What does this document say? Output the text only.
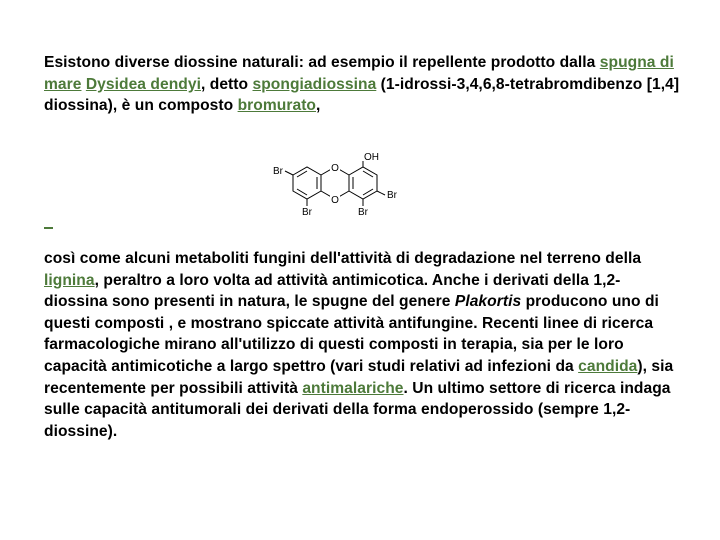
Esistono diverse diossine naturali: ad esempio il repellente prodotto dalla spugna di mare Dysidea dendyi, detto spongiadiossina (1-idrossi-3,4,6,8-tetrabromdibenzo [1,4] diossina), è un composto bromurato,

O
O
OH
Br
Br	Br
Br

così come alcuni metaboliti fungini dell'attività di degradazione nel terreno della lignina, peraltro a loro volta ad attività antimicotica. Anche i derivati della 1,2-diossina sono presenti in natura, le spugne del genere Plakortis producono uno di questi composti , e mostrano spiccate attività antifungine. Recenti linee di ricerca farmacologiche mirano all'utilizzo di questi composti in terapia, sia per le loro capacità antimicotiche a largo spettro (vari studi relativi ad infezioni da candida), sia recentemente per possibili attività antimalariche. Un ultimo settore di ricerca indaga sulle capacità antitumorali dei derivati della forma endoperossido (sempre 1,2-diossine).
